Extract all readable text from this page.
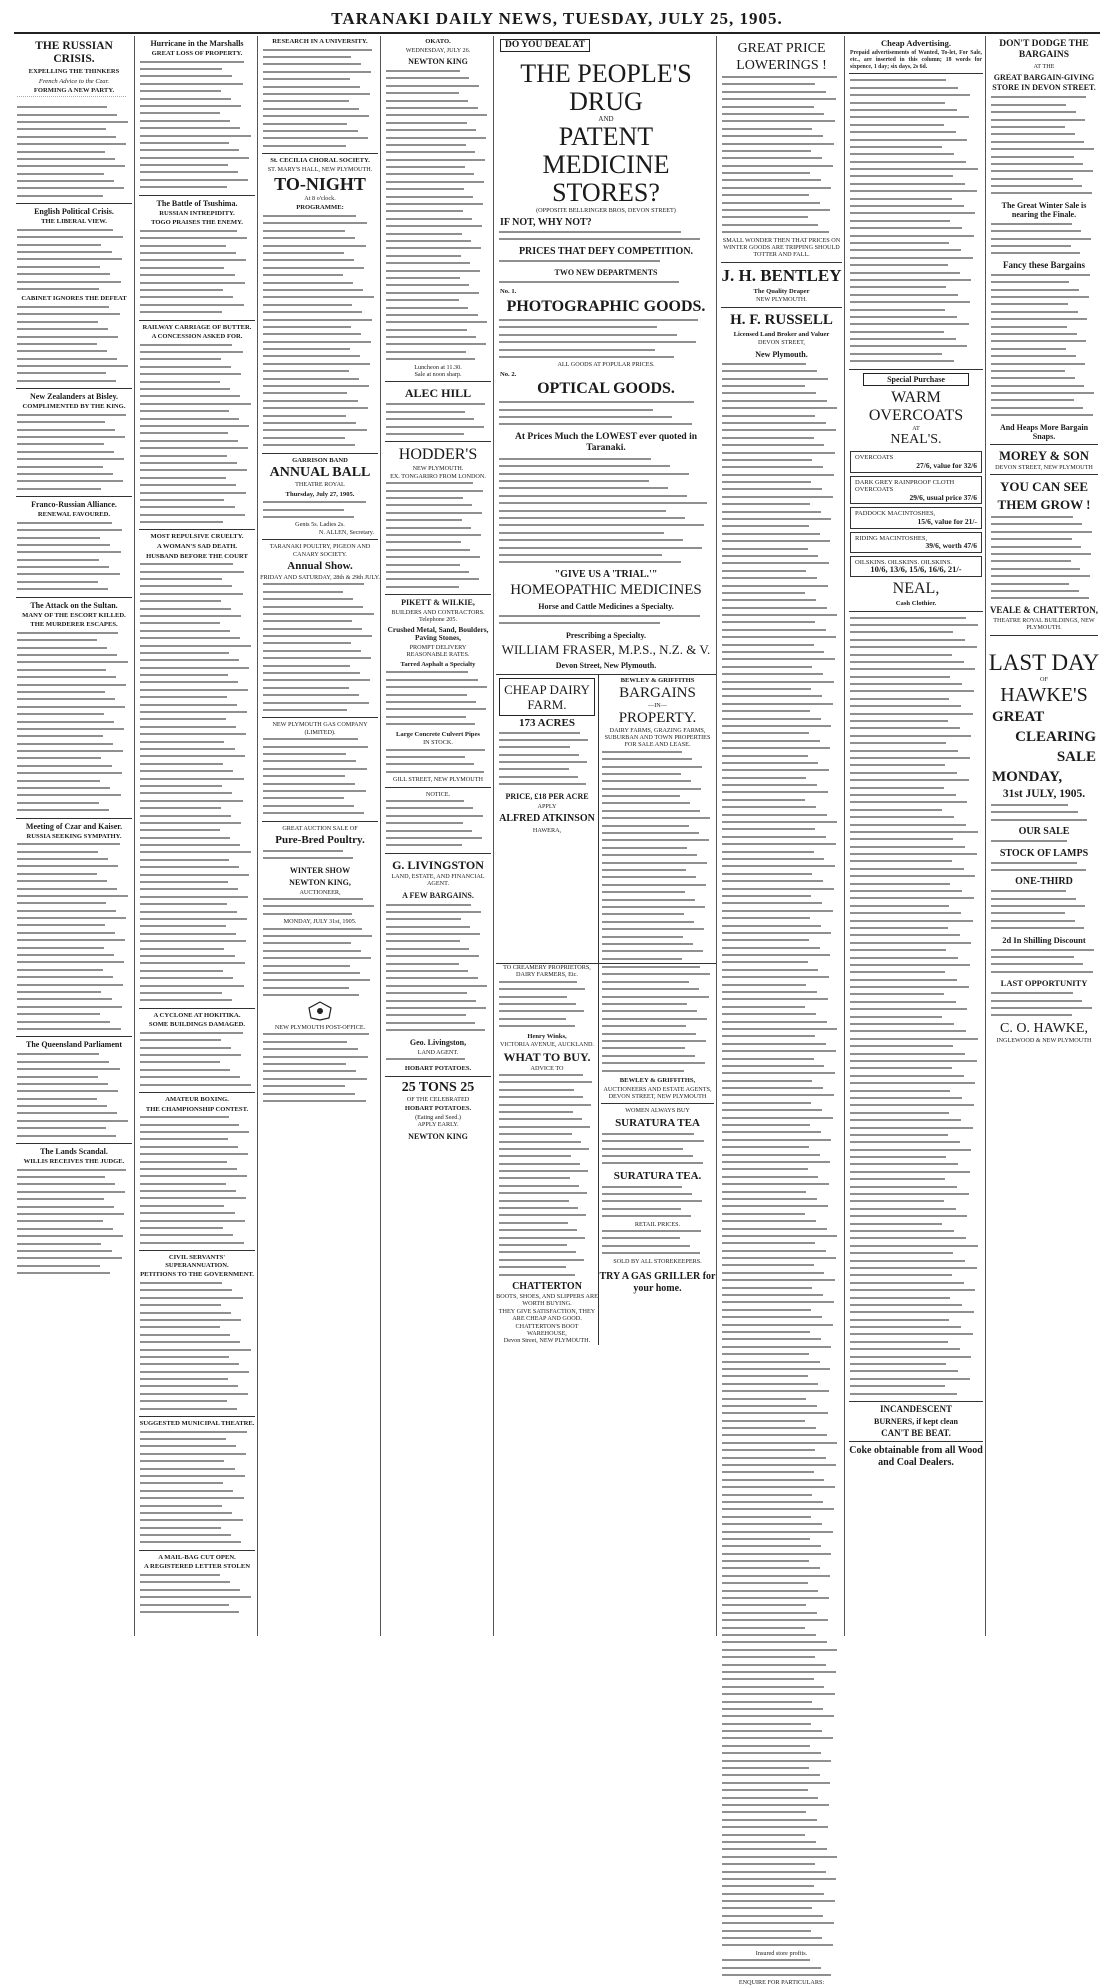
TARANAKI DAILY NEWS, TUESDAY, JULY 25, 1905.
THE RUSSIAN CRISIS.
EXPELLING THE THINKERS
French Advice to the Czar.
FORMING A NEW PARTY.
English Political Crisis.
THE LIBERAL VIEW.
CABINET IGNORES THE DEFEAT
New Zealanders at Bisley.
COMPLIMENTED BY THE KING.
Franco-Russian Alliance.
RENEWAL FAVOURED.
The Attack on the Sultan.
MANY OF THE ESCORT KILLED.
THE MURDERER ESCAPES.
Meeting of Czar and Kaiser.
RUSSIA SEEKING SYMPATHY.
The Queensland Parliament
The Lands Scandal.
WILLIS RECEIVES THE JUDGE.
Hurricane in the Marshalls
GREAT LOSS OF PROPERTY.
The Battle of Tsushima.
RUSSIAN INTREPIDITY.
TOGO PRAISES THE ENEMY.
RAILWAY CARRIAGE OF BUTTER.
A CONCESSION ASKED FOR.
MOST REPULSIVE CRUELTY.
A WOMAN'S SAD DEATH.
HUSBAND BEFORE THE COURT
A CYCLONE AT HOKITIKA.
SOME BUILDINGS DAMAGED.
AMATEUR BOXING.
THE CHAMPIONSHIP CONTEST.
CIVIL SERVANTS' SUPERANNUATION.
PETITIONS TO THE GOVERNMENT.
SUGGESTED MUNICIPAL THEATRE.
A MAIL-BAG CUT OPEN.
A REGISTERED LETTER STOLEN
RESEARCH IN A UNIVERSITY.
St. CECILIA CHORAL SOCIETY.
ST. MARY'S HALL, NEW PLYMOUTH.
TO-NIGHT
At 8 o'clock.
PROGRAMME:
GARRISON BAND
ANNUAL BALL
THEATRE ROYAL
Thursday, July 27, 1905.
Gents 5s. Ladies 2s.
N. ALLEN, Secretary.
TARANAKI POULTRY, PIGEON AND CANARY SOCIETY.
Annual Show.
FRIDAY AND SATURDAY, 28th & 29th JULY.
NEW PLYMOUTH GAS COMPANY (LIMITED).
GREAT AUCTION SALE OF
Pure-Bred Poultry.
WINTER SHOW
NEWTON KING,
AUCTIONEER,
MONDAY, JULY 31st, 1905.
NEW PLYMOUTH POST-OFFICE.
OKATO.
WEDNESDAY, JULY 26.
NEWTON KING
Luncheon at 11.30.
Sale at noon sharp.
ALEC HILL
HODDER'S
NEW PLYMOUTH.
EX. TONGARIRO FROM LONDON.
PIKETT & WILKIE,
BUILDERS AND CONTRACTORS.
Telephone 205.
Crushed Metal, Sand, Boulders, Paving Stones,
PROMPT DELIVERY
REASONABLE RATES.
Tarred Asphalt a Specialty
Large Concrete Culvert Pipes
IN STOCK.
GILL STREET, NEW PLYMOUTH
NOTICE.
G. LIVINGSTON
LAND, ESTATE, AND FINANCIAL AGENT.
A FEW BARGAINS.
Geo. Livingston,
LAND AGENT.
HOBART POTATOES.
25 TONS 25
OF THE CELEBRATED
HOBART POTATOES.
(Eating and Seed.)
APPLY EARLY.
NEWTON KING
DO YOU DEAL AT
THE PEOPLE'S DRUG
AND
PATENT MEDICINE STORES?
(OPPOSITE BELLRINGER BROS, DEVON STREET)
IF NOT, WHY NOT?
PRICES THAT DEFY COMPETITION.
TWO NEW DEPARTMENTS
No. 1.
PHOTOGRAPHIC GOODS.
ALL GOODS AT POPULAR PRICES.
No. 2.
OPTICAL GOODS.
At Prices Much the LOWEST ever quoted in Taranaki.
"GIVE US A 'TRIAL.'"
HOMEOPATHIC MEDICINES
Horse and Cattle Medicines a Specialty.
Prescribing a Specialty.
WILLIAM FRASER, M.P.S., N.Z. & V.
Devon Street, New Plymouth.
CHEAP DAIRY FARM.
173 ACRES
PRICE, £18 PER ACRE
APPLY
ALFRED ATKINSON
HAWERA,
BEWLEY & GRIFFITHS
BARGAINS
—IN—
PROPERTY.
DAIRY FARMS, GRAZING FARMS, SUBURBAN AND TOWN PROPERTIES FOR SALE AND LEASE.
TO CREAMERY PROPRIETORS, DAIRY FARMERS, Etc.
Henry Winks,
VICTORIA AVENUE, AUCKLAND.
WHAT TO BUY.
ADVICE TO
CHATTERTON
BOOTS, SHOES, AND SLIPPERS ARE WORTH BUYING.
THEY GIVE SATISFACTION, THEY ARE CHEAP AND GOOD.
CHATTERTON'S BOOT WAREHOUSE,
Devon Street, NEW PLYMOUTH.
BEWLEY & GRIFFITHS,
AUCTIONEERS AND ESTATE AGENTS,
DEVON STREET, NEW PLYMOUTH
WOMEN ALWAYS BUY
SURATURA TEA
SURATURA TEA.
RETAIL PRICES.
SOLD BY ALL STOREKEEPERS.
TRY A GAS GRILLER for your home.
GREAT PRICE LOWERINGS !
SMALL WONDER THEN THAT PRICES ON WINTER GOODS ARE TRIPPING SHOULD TOTTER AND FALL.
J. H. BENTLEY
The Quality Draper
NEW PLYMOUTH.
H. F. RUSSELL
Licensed Land Broker and Valuer
DEVON STREET,
New Plymouth.
Insured store profits.
ENQUIRE FOR PARTICULARS:
Cheap Advertising.
Prepaid advertisements of Wanted, To-let, For Sale, etc., are inserted in this column; 18 words for sixpence, 1 day; six days, 2s 6d.
Special Purchase
WARM OVERCOATS
AT
NEAL'S.
OVERCOATS
27/6, value for 32/6
DARK GREY RAINPROOF CLOTH OVERCOATS
29/6, usual price 37/6
PADDOCK MACINTOSHES,
15/6, value for 21/-
RIDING MACINTOSHES,
39/6, worth 47/6
OILSKINS. OILSKINS. OILSKINS.
10/6, 13/6, 15/6, 16/6, 21/-
NEAL,
Cash Clothier.
INCANDESCENT
BURNERS, if kept clean
CAN'T BE BEAT.
Coke obtainable from all Wood and Coal Dealers.
DON'T DODGE THE BARGAINS
AT THE
GREAT BARGAIN-GIVING STORE IN DEVON STREET.
The Great Winter Sale is nearing the Finale.
Fancy these Bargains
And Heaps More Bargain Snaps.
MOREY & SON
DEVON STREET, NEW PLYMOUTH
YOU CAN SEE THEM GROW !
VEALE & CHATTERTON,
THEATRE ROYAL BUILDINGS, NEW PLYMOUTH.
LAST DAY
OF
HAWKE'S
GREAT
CLEARING
SALE
MONDAY,
31st JULY, 1905.
OUR SALE
STOCK OF LAMPS
ONE-THIRD
2d In Shilling Discount
LAST OPPORTUNITY
C. O. HAWKE,
INGLEWOOD & NEW PLYMOUTH
